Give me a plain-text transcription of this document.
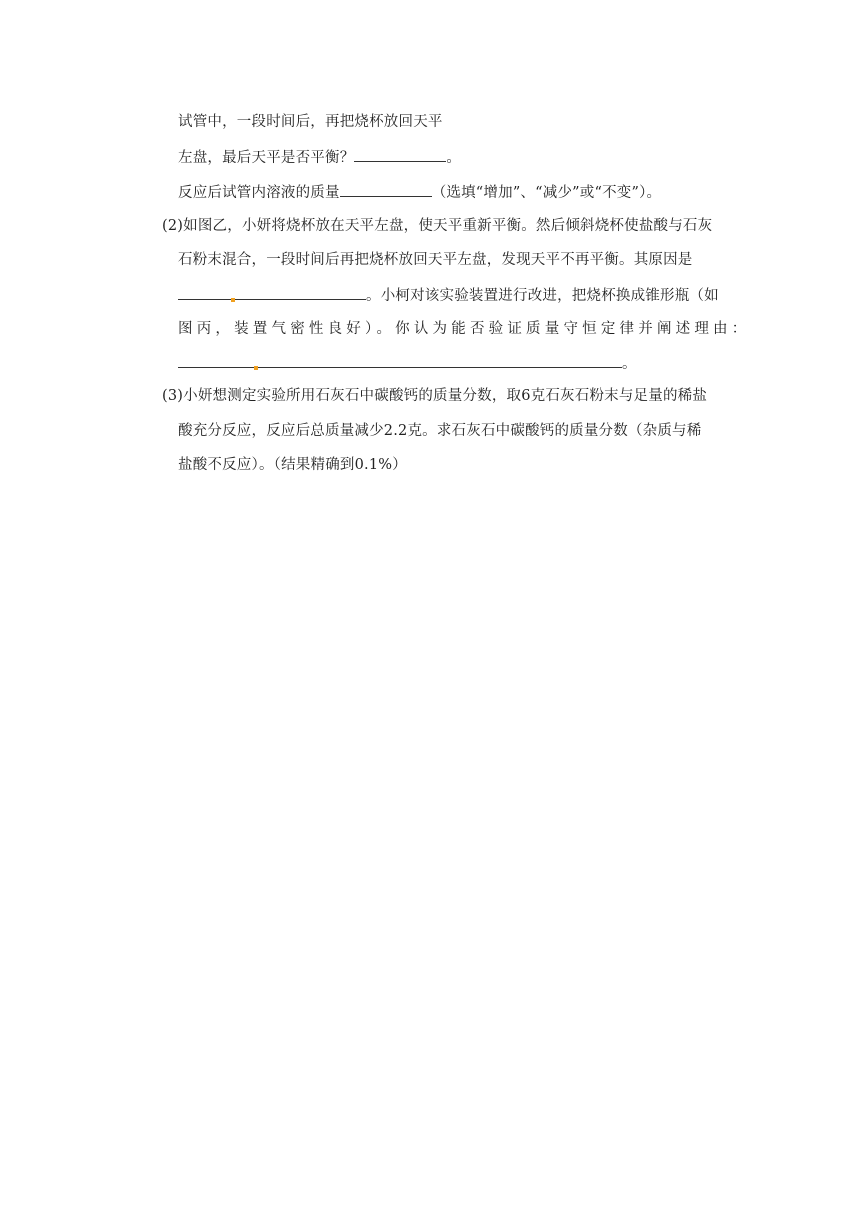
试管中，一段时间后，再把烧杯放回天平
左盘，最后天平是否平衡？	。
反应后试管内溶液的质量	（选填“增加”、“减少”或“不变”）。
(2)如图乙，小妍将烧杯放在天平左盘，使天平重新平衡。然后倾斜烧杯使盐酸与石灰
石粉末混合，一段时间后再把烧杯放回天平左盘，发现天平不再平衡。其原因是
。小柯对该实验装置进行改进，把烧杯换成锥形瓶（如
图丙，装置气密性良好）。你认为能否验证质量守恒定律并阐述理由：
。
(3)小妍想测定实验所用石灰石中碳酸钙的质量分数，取6克石灰石粉末与足量的稀盐
酸充分反应，反应后总质量减少2.2克。求石灰石中碳酸钙的质量分数（杂质与稀
盐酸不反应）。（结果精确到0.1%）
